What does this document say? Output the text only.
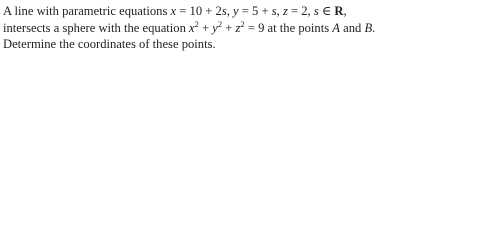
A line with parametric equations x = 10 + 2s, y = 5 + s, z = 2, s ∈ R,
intersects a sphere with the equation $x^2 + y^2 + z^2 = 9$ at the points A and B.
Determine the coordinates of these points.
